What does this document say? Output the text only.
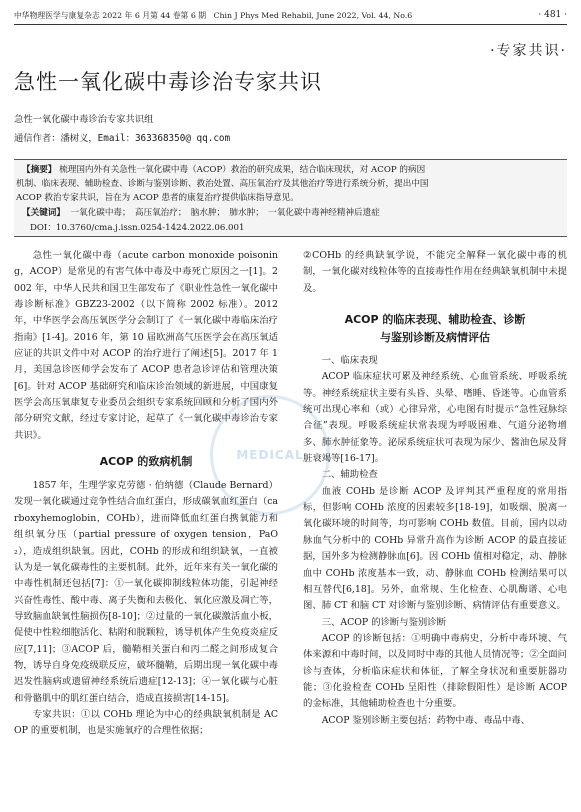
中华物理医学与康复杂志 2022 年 6 月第 44 卷第 6 期 Chin J Phys Med Rehabil, June 2022, Vol. 44, No.6	· 481 ·
·专家共识·
急性一氧化碳中毒诊治专家共识
急性一氧化碳中毒诊治专家共识组
通信作者：潘树义，Email：363368350@ qq.com
【摘要】 梳理国内外有关急性一氧化碳中毒（ACOP）救治的研究成果，结合临床现状，对 ACOP 的病因
机制、临床表现、辅助检查、诊断与鉴别诊断、救治处置、高压氧治疗及其他治疗等进行系统分析，提出中国
ACOP 救治专家共识，旨在为 ACOP 患者的康复治疗提供临床指导意见。
【关键词】 一氧化碳中毒；　高压氧治疗；　脑水肿；　肺水肿；　一氧化碳中毒神经精神后遗症
DOI：10.3760/cma.j.issn.0254-1424.2022.06.001
MEDICAL

急性一氧化碳中毒（acute carbon monoxide poisoning，ACOP）是常见的有害气体中毒及中毒死亡原因之一[1]。2002 年，中华人民共和国卫生部发布了《职业性急性一氧化碳中毒诊断标准》GBZ23-2002（以下简称 2002 标准）。2012 年，中华医学会高压氧医学分会制订了《一氧化碳中毒临床治疗指南》[1-4]。2016 年，第 10 届欧洲高气压医学会在高压氧适应证的共识文件中对 ACOP 的治疗进行了阐述[5]。2017 年 1 月，美国急诊医师学会发布了 ACOP 患者急诊评估和管理决策[6]。针对 ACOP 基础研究和临床诊治领域的新进展，中国康复医学会高压氧康复专业委员会组织专家系统回顾和分析了国内外部分研究文献，经过专家讨论，起草了《一氧化碳中毒诊治专家共识》。

ACOP 的致病机制

1857 年，生理学家克劳德 · 伯纳德（Claude Bernard）发现一氧化碳通过竞争性结合血红蛋白，形成碳氧血红蛋白（carboxyhemoglobin，COHb），进而降低血红蛋白携氧能力和组织氧分压（partial pressure of oxygen tension，PaO₂），造成组织缺氧。因此，COHb 的形成和组织缺氧，一直被认为是一氧化碳毒性的主要机制。此外，近年来有关一氧化碳的中毒性机制还包括[7]：①一氧化碳抑制线粒体功能，引起神经兴奋性毒性、酸中毒、离子失衡和去极化、氧化应激及凋亡等，导致脑血缺氧性脑损伤[8-10]；②过量的一氧化碳激活血小板，促使中性粒细胞活化、粘附和脱颗粒，诱导机体产生免疫炎症反应[7,11]；③ACOP 后，髓鞘相关蛋白和丙二醛之间形成复合物，诱导自身免疫级联反应，破坏髓鞘，后期出现一氧化碳中毒迟发性脑病或遗留神经系统后遗症[12-13]；④一氧化碳与心脏和骨骼肌中的肌红蛋白结合，造成直接损害[14-15]。

专家共识：①以 COHb 理论为中心的经典缺氧机制是 ACOP 的重要机制，也是实施氧疗的合理性依据；

②COHb 的经典缺氧学说，不能完全解释一氧化碳中毒的机制，一氧化碳对线粒体等的直接毒性作用在经典缺氧机制中未提及。

ACOP 的临床表现、辅助检查、诊断
与鉴别诊断及病情评估

一、临床表现

ACOP 临床症状可累及神经系统、心血管系统、呼吸系统等。神经系统症状主要有头昏、头晕、嗜睡、昏迷等。心血管系统可出现心率和（或）心律异常，心电图有时提示“急性冠脉综合征”表现。呼吸系统症状常表现为呼吸困难、气道分泌物增多、肺水肿征象等。泌尿系统症状可表现为尿少、酱油色尿及肾脏衰竭等[16-17]。

二、辅助检查

血液 COHb 是诊断 ACOP 及评判其严重程度的常用指标，但影响 COHb 浓度的因素较多[18-19]，如吸烟、脱离一氧化碳环境的时间等，均可影响 COHb 数值。目前，国内以动脉血气分析中的 COHb 异常升高作为诊断 ACOP 的最直接证据，国外多为检测静脉血[6]。因 COHb 值相对稳定，动、静脉血中 COHb 浓度基本一致，动、静脉血 COHb 检测结果可以相互替代[6,18]。另外，血常规、生化检查、心肌酶谱、心电图、肺 CT 和脑 CT 对诊断与鉴别诊断、病情评估有重要意义。

三、ACOP 的诊断与鉴别诊断

ACOP 的诊断包括：①明确中毒病史，分析中毒环境、气体来源和中毒时间，以及同时中毒的其他人员情况等；②全面问诊与查体，分析临床症状和体征，了解全身状况和重要脏器功能；③化验检查 COHb 呈阳性（排除假阳性）是诊断 ACOP 的金标准，其他辅助检查也十分重要。

ACOP 鉴别诊断主要包括：药物中毒、毒品中毒、
